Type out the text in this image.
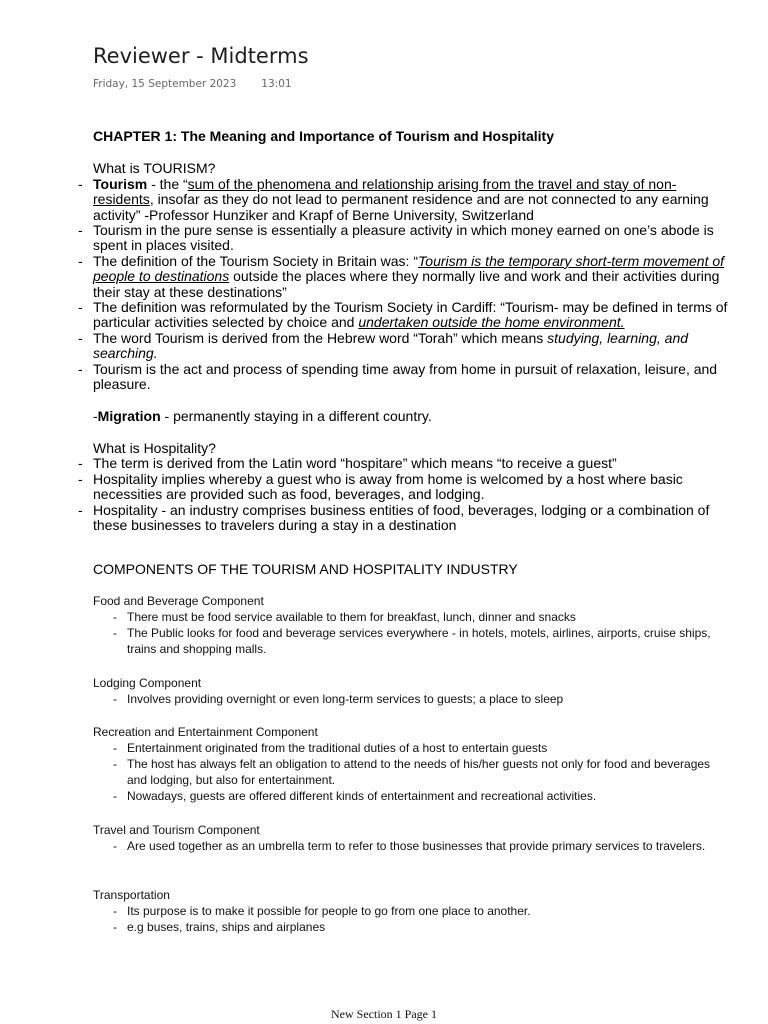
Reviewer - Midterms
Friday, 15 September 2023 13:01

CHAPTER 1: The Meaning and Importance of Tourism and Hospitality

What is TOURISM?
- Tourism - the “sum of the phenomena and relationship arising from the travel and stay of non-residents, insofar as they do not lead to permanent residence and are not connected to any earning activity” -Professor Hunziker and Krapf of Berne University, Switzerland
- Tourism in the pure sense is essentially a pleasure activity in which money earned on one’s abode is spent in places visited.
- The definition of the Tourism Society in Britain was: “Tourism is the temporary short-term movement of people to destinations outside the places where they normally live and work and their activities during their stay at these destinations”
- The definition was reformulated by the Tourism Society in Cardiff: “Tourism- may be defined in terms of particular activities selected by choice and undertaken outside the home environment.
- The word Tourism is derived from the Hebrew word “Torah” which means studying, learning, and searching.
- Tourism is the act and process of spending time away from home in pursuit of relaxation, leisure, and pleasure.
-Migration - permanently staying in a different country.
What is Hospitality?
- The term is derived from the Latin word “hospitare” which means “to receive a guest”
- Hospitality implies whereby a guest who is away from home is welcomed by a host where basic necessities are provided such as food, beverages, and lodging.
- Hospitality - an industry comprises business entities of food, beverages, lodging or a combination of these businesses to travelers during a stay in a destination

COMPONENTS OF THE TOURISM AND HOSPITALITY INDUSTRY

Food and Beverage Component

- There must be food service available to them for breakfast, lunch, dinner and snacks
- The Public looks for food and beverage services everywhere - in hotels, motels, airlines, airports, cruise ships, trains and shopping malls.

Lodging Component

- Involves providing overnight or even long-term services to guests; a place to sleep

Recreation and Entertainment Component

- Entertainment originated from the traditional duties of a host to entertain guests
- The host has always felt an obligation to attend to the needs of his/her guests not only for food and beverages and lodging, but also for entertainment.
- Nowadays, guests are offered different kinds of entertainment and recreational activities.

Travel and Tourism Component

- Are used together as an umbrella term to refer to those businesses that provide primary services to travelers.

Transportation

- Its purpose is to make it possible for people to go from one place to another.
- e.g buses, trains, ships and airplanes
New Section 1 Page 1
